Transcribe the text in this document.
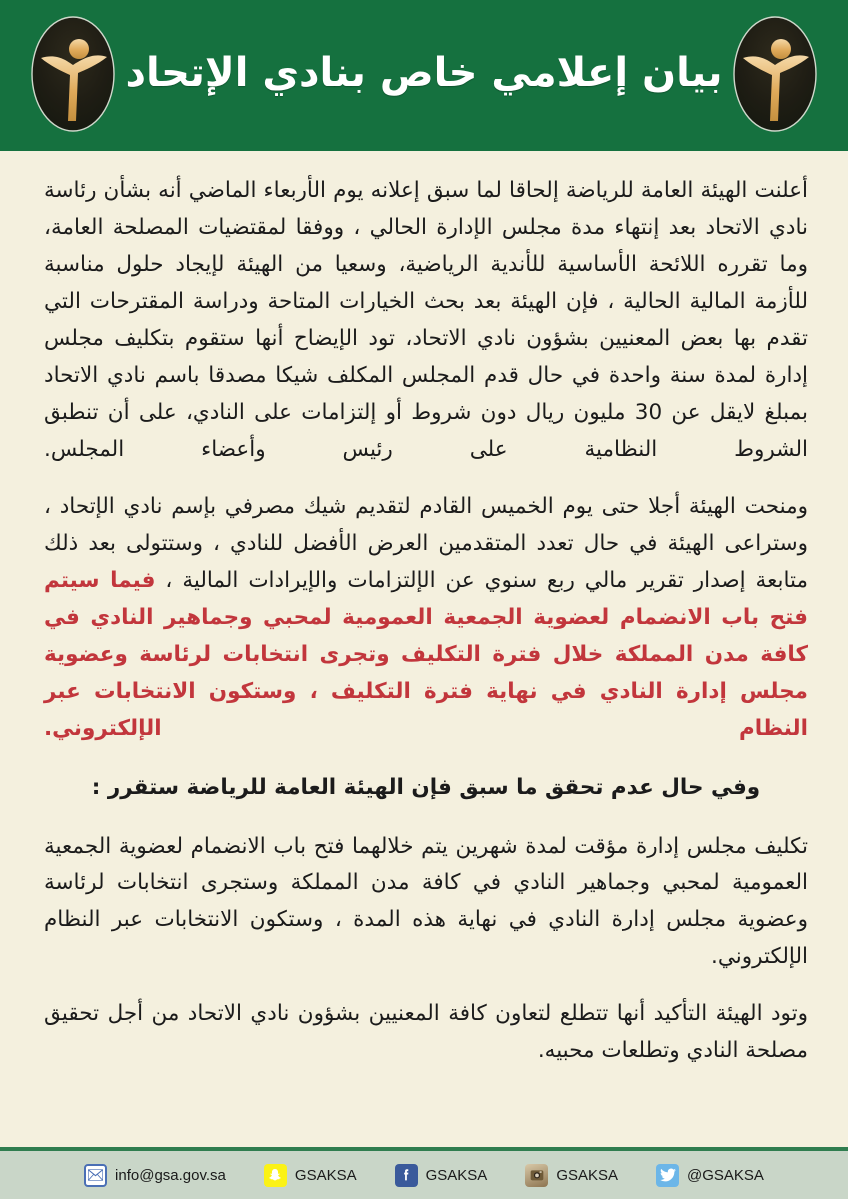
بيان إعلامي خاص بنادي الإتحاد

أعلنت الهيئة العامة للرياضة إلحاقا لما سبق إعلانه يوم الأربعاء الماضي أنه بشأن رئاسة نادي الاتحاد بعد إنتهاء مدة مجلس الإدارة الحالي ، ووفقا لمقتضيات المصلحة العامة، وما تقرره اللائحة الأساسية للأندية الرياضية، وسعيا من الهيئة لإيجاد حلول مناسبة للأزمة المالية الحالية ، فإن الهيئة بعد بحث الخيارات المتاحة ودراسة المقترحات التي تقدم بها بعض المعنيين بشؤون نادي الاتحاد، تود الإيضاح أنها ستقوم بتكليف مجلس إدارة لمدة سنة واحدة في حال قدم المجلس المكلف شيكا مصدقا باسم نادي الاتحاد بمبلغ لايقل عن 30 مليون ريال دون شروط أو إلتزامات على النادي، على أن تنطبق الشروط النظامية على رئيس وأعضاء المجلس.

ومنحت الهيئة أجلا حتى يوم الخميس القادم لتقديم شيك مصرفي بإسم نادي الإتحاد ، وستراعى الهيئة في حال تعدد المتقدمين العرض الأفضل للنادي ، وستتولى بعد ذلك متابعة إصدار تقرير مالي ربع سنوي عن الإلتزامات والإيرادات المالية ، فيما سيتم فتح باب الانضمام لعضوية الجمعية العمومية لمحبي وجماهير النادي في كافة مدن المملكة خلال فترة التكليف وتجرى انتخابات لرئاسة وعضوية مجلس إدارة النادي في نهاية فترة التكليف ، وستكون الانتخابات عبر النظام الإلكتروني.

وفي حال عدم تحقق ما سبق فإن الهيئة العامة للرياضة ستقرر :

تكليف مجلس إدارة مؤقت لمدة شهرين يتم خلالهما فتح باب الانضمام لعضوية الجمعية العمومية لمحبي وجماهير النادي في كافة مدن المملكة وستجرى انتخابات لرئاسة وعضوية مجلس إدارة النادي في نهاية هذه المدة ، وستكون الانتخابات عبر النظام الإلكتروني.

وتود الهيئة التأكيد أنها تتطلع لتعاون كافة المعنيين بشؤون نادي الاتحاد من أجل تحقيق مصلحة النادي وتطلعات محبيه.

@GSAKSA
GSAKSA
GSAKSA
GSAKSA
info@gsa.gov.sa
